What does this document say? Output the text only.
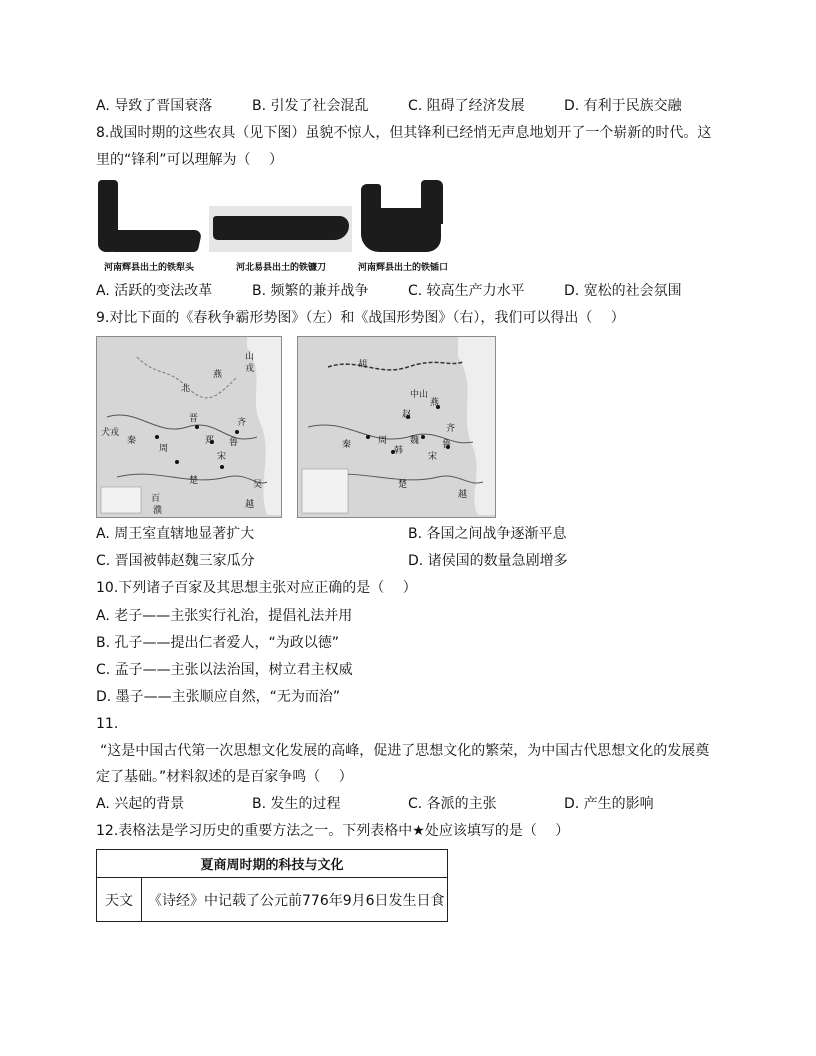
A. 导致了晋国衰落	B. 引发了社会混乱	C. 阻碍了经济发展	D. 有利于民族交融
8.战国时期的这些农具（见下图）虽貌不惊人，但其锋利已经悄无声息地划开了一个崭新的时代。这
里的“锋利”可以理解为（　 ）
河南辉县出土的铁犁头	河北易县出土的铁镰刀	河南辉县出土的铁锸口
A. 活跃的变法改革	B. 频繁的兼并战争	C. 较高生产力水平	D. 宽松的社会氛围
9.对比下面的《春秋争霸形势图》（左）和《战国形势图》（右），我们可以得出（　 ）
山
戎
北
秦
晋	齐
周
楚
越
吴
犬戎
百
濮
郑
宋
鲁
燕
燕
赵
魏
韩
周
楚
秦
齐
鲁
宋
越
胡
中山
A. 周王室直辖地显著扩大	B. 各国之间战争逐渐平息
C. 晋国被韩赵魏三家瓜分	D. 诸侯国的数量急剧增多
10.下列诸子百家及其思想主张对应正确的是（　 ）
A. 老子——主张实行礼治，提倡礼法并用
B. 孔子——提出仁者爱人，“为政以德”
C. 孟子——主张以法治国，树立君主权威
D. 墨子——主张顺应自然，“无为而治”
11.
“这是中国古代第一次思想文化发展的高峰，促进了思想文化的繁荣，为中国古代思想文化的发展奠
定了基础。”材料叙述的是百家争鸣（　 ）
A. 兴起的背景	B. 发生的过程	C. 各派的主张	D. 产生的影响
12.表格法是学习历史的重要方法之一。下列表格中★处应该填写的是（　 ）
夏商周时期的科技与文化
天文	《诗经》中记载了公元前776年9月6日发生日食
